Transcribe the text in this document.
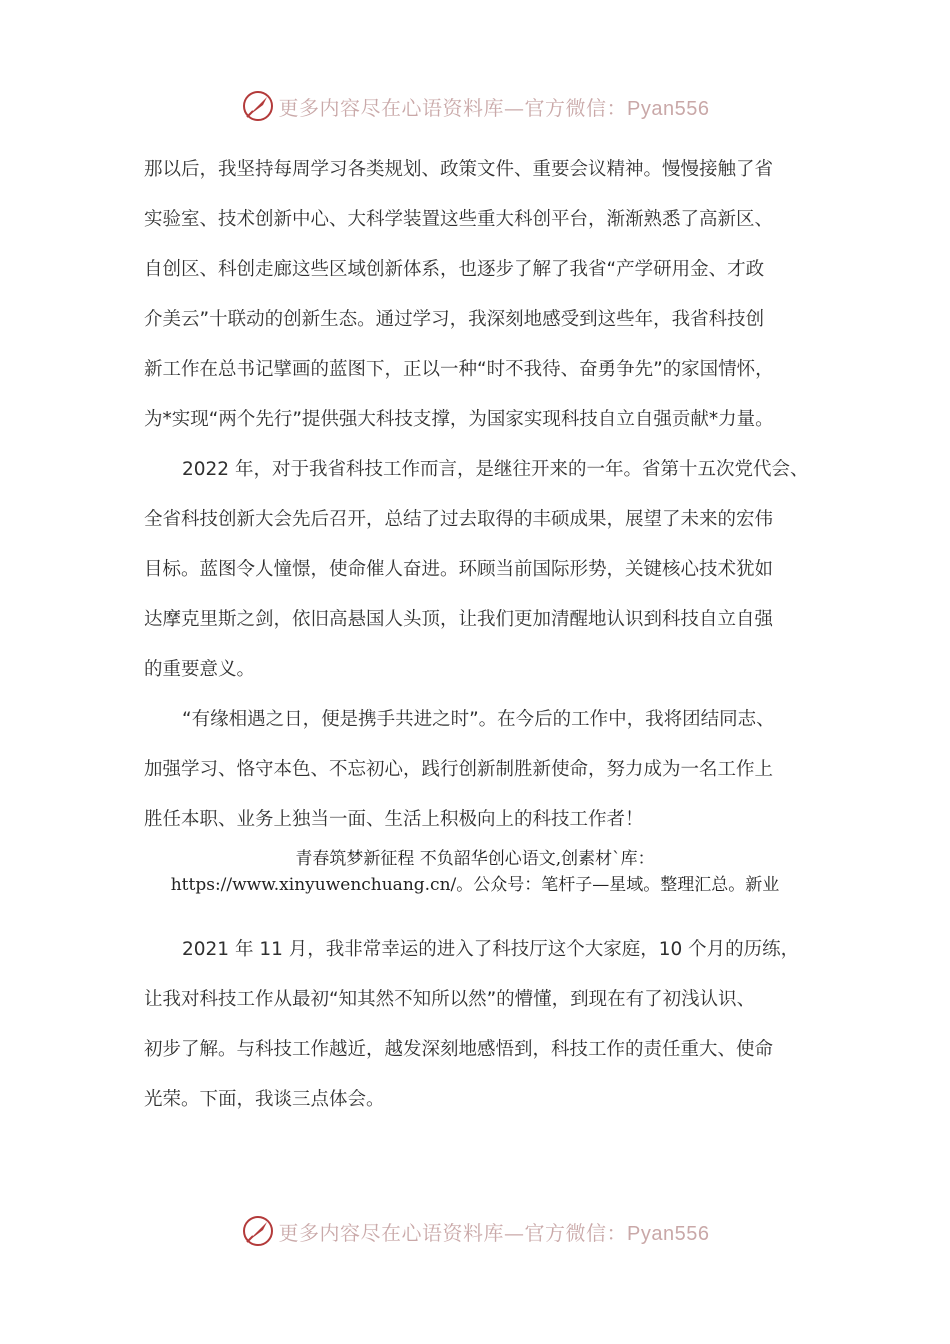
更多内容尽在心语资料库—官方微信：Pyan556
那以后，我坚持每周学习各类规划、政策文件、重要会议精神。慢慢接触了省
实验室、技术创新中心、大科学装置这些重大科创平台，渐渐熟悉了高新区、
自创区、科创走廊这些区域创新体系，也逐步了解了我省“产学研用金、才政
介美云”十联动的创新生态。通过学习，我深刻地感受到这些年，我省科技创
新工作在总书记擘画的蓝图下，正以一种“时不我待、奋勇争先”的家国情怀，
为*实现“两个先行”提供强大科技支撑，为国家实现科技自立自强贡献*力量。
2022 年，对于我省科技工作而言，是继往开来的一年。省第十五次党代会、
全省科技创新大会先后召开，总结了过去取得的丰硕成果，展望了未来的宏伟
目标。蓝图令人憧憬，使命催人奋进。环顾当前国际形势，关键核心技术犹如
达摩克里斯之剑，依旧高悬国人头顶，让我们更加清醒地认识到科技自立自强
的重要意义。
“有缘相遇之日，便是携手共进之时”。在今后的工作中，我将团结同志、
加强学习、恪守本色、不忘初心，践行创新制胜新使命，努力成为一名工作上
胜任本职、业务上独当一面、生活上积极向上的科技工作者！
2021 年 11 月，我非常幸运的进入了科技厅这个大家庭，10 个月的历练，
让我对科技工作从最初“知其然不知所以然”的懵懂，到现在有了初浅认识、
初步了解。与科技工作越近，越发深刻地感悟到，科技工作的责任重大、使命
光荣。下面，我谈三点体会。
青春筑梦新征程 不负韶华创心语文,创素材`库：
https://www.xinyuwenchuang.cn/。公众号：笔杆子—星域。整理汇总。新业
更多内容尽在心语资料库—官方微信：Pyan556
